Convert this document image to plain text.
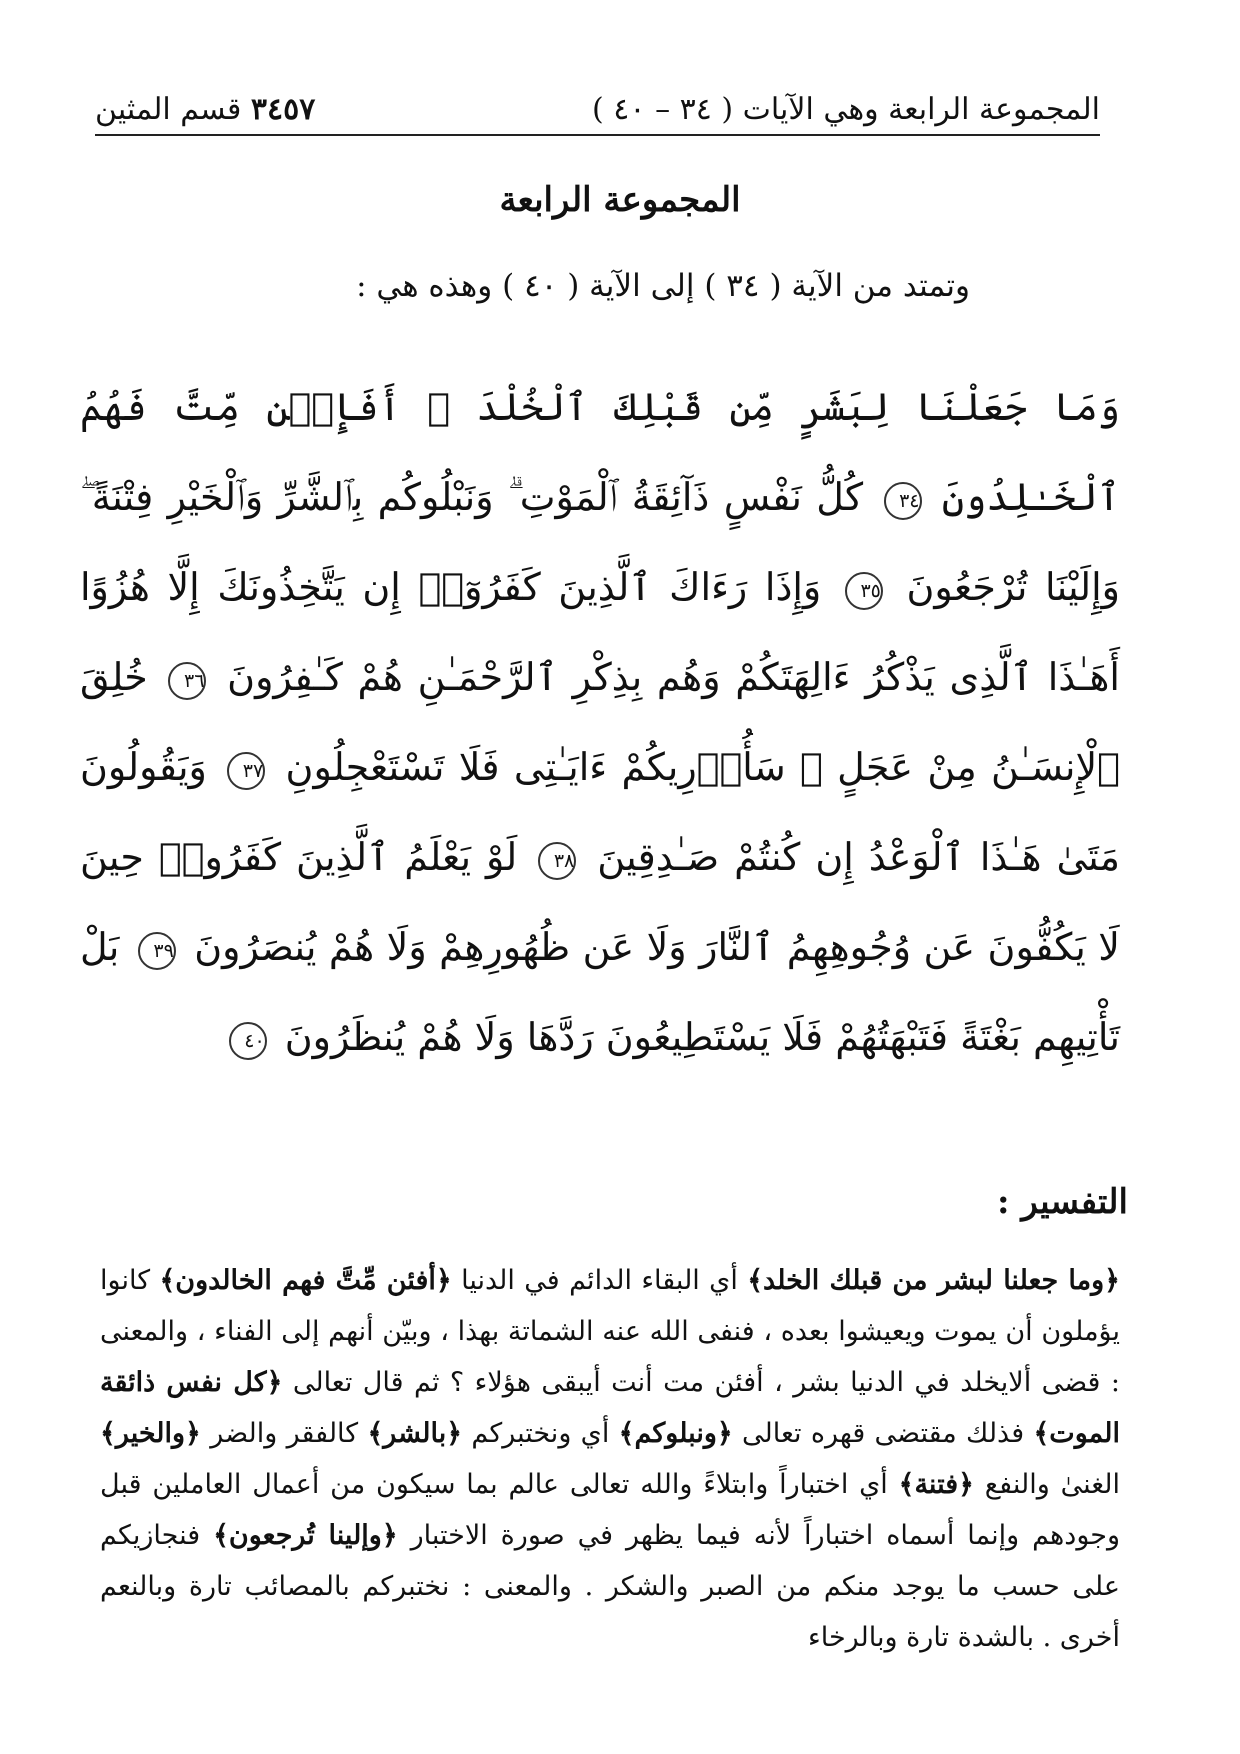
المجموعة الرابعة وهي الآيات ( ٣٤ – ٤٠ )
٣٤٥٧ قسم المثين
المجموعة الرابعة
وتمتد من الآية ( ٣٤ ) إلى الآية ( ٤٠ ) وهذه هي :
وَمَا جَعَلْنَا لِبَشَرٍ مِّن قَبْلِكَ ٱلْخُلْدَ ۖ أَفَإِي۟ن مِّتَّ فَهُمُ ٱلْخَـٰلِدُونَ ٣٤ كُلُّ نَفْسٍ ذَآئِقَةُ ٱلْمَوْتِ ۗ وَنَبْلُوكُم بِٱلشَّرِّ وَٱلْخَيْرِ فِتْنَةً ۖ وَإِلَيْنَا تُرْجَعُونَ ٣٥ وَإِذَا رَءَاكَ ٱلَّذِينَ كَفَرُوٓا۟ إِن يَتَّخِذُونَكَ إِلَّا هُزُوًا أَهَـٰذَا ٱلَّذِى يَذْكُرُ ءَالِهَتَكُمْ وَهُم بِذِكْرِ ٱلرَّحْمَـٰنِ هُمْ كَـٰفِرُونَ ٣٦ خُلِقَ ٱلْإِنسَـٰنُ مِنْ عَجَلٍ ۚ سَأُو۟رِيكُمْ ءَايَـٰتِى فَلَا تَسْتَعْجِلُونِ ٣٧ وَيَقُولُونَ مَتَىٰ هَـٰذَا ٱلْوَعْدُ إِن كُنتُمْ صَـٰدِقِينَ ٣٨ لَوْ يَعْلَمُ ٱلَّذِينَ كَفَرُوا۟ حِينَ لَا يَكُفُّونَ عَن وُجُوهِهِمُ ٱلنَّارَ وَلَا عَن ظُهُورِهِمْ وَلَا هُمْ يُنصَرُونَ ٣٩ بَلْ تَأْتِيهِم بَغْتَةً فَتَبْهَتُهُمْ فَلَا يَسْتَطِيعُونَ رَدَّهَا وَلَا هُمْ يُنظَرُونَ ٤٠
التفسير :
﴿وما جعلنا لبشر من قبلك الخلد﴾ أي البقاء الدائم في الدنيا ﴿أفئن مِّتَّ فهم الخالدون﴾ كانوا يؤملون أن يموت ويعيشوا بعده ، فنفى الله عنه الشماتة بهذا ، وبيّن أنهم إلى الفناء ، والمعنى : قضى ألايخلد في الدنيا بشر ، أفئن مت أنت أيبقى هؤلاء ؟ ثم قال تعالى ﴿كل نفس ذائقة الموت﴾ فذلك مقتضى قهره تعالى ﴿ونبلوكم﴾ أي ونختبركم ﴿بالشر﴾ كالفقر والضر ﴿والخير﴾ الغنىٰ والنفع ﴿فتنة﴾ أي اختباراً وابتلاءً والله تعالى عالم بما سيكون من أعمال العاملين قبل وجودهم وإنما أسماه اختباراً لأنه فيما يظهر في صورة الاختبار ﴿وإلينا تُرجعون﴾ فنجازيكم على حسب ما يوجد منكم من الصبر والشكر . والمعنى : نختبركم بالمصائب تارة وبالنعم أخرى . بالشدة تارة وبالرخاء
